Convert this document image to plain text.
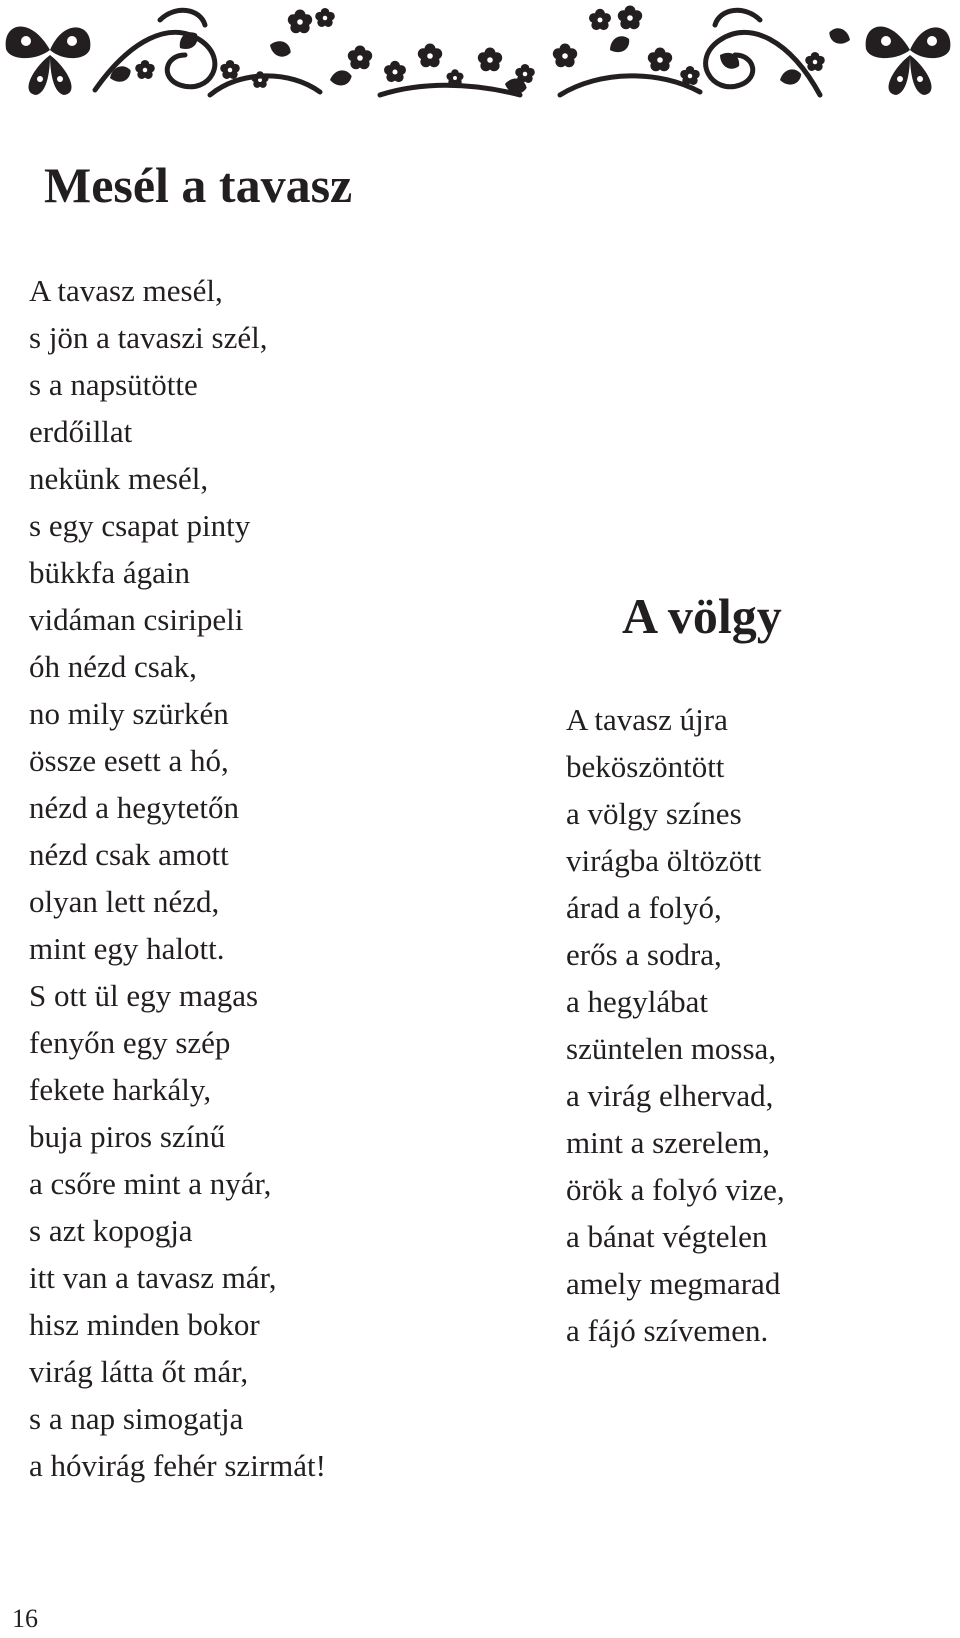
Mesél a tavasz
A tavasz mesél,
s jön a tavaszi szél,
s a napsütötte
erdőillat
nekünk mesél,
s egy csapat pinty
bükkfa ágain
vidáman csiripeli
óh nézd csak,
no mily szürkén
össze esett a hó,
nézd a hegytetőn
nézd csak amott
olyan lett nézd,
mint egy halott.
S ott ül egy magas
fenyőn egy szép
fekete harkály,
buja piros színű
a csőre mint a nyár,
s azt kopogja
itt van a tavasz már,
hisz minden bokor
virág látta őt már,
s a nap simogatja
a hóvirág fehér szirmát!
A völgy
A tavasz újra
beköszöntött
a völgy színes
virágba öltözött
árad a folyó,
erős a sodra,
a hegylábat
szüntelen mossa,
a virág elhervad,
mint a szerelem,
örök a folyó vize,
a bánat végtelen
amely megmarad
a fájó szívemen.
16
